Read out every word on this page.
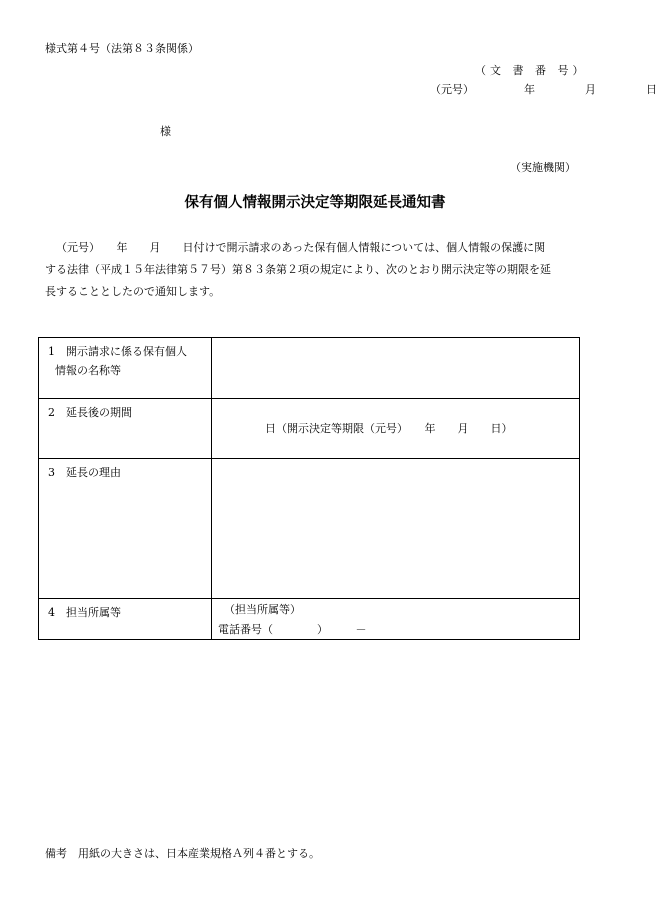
様式第４号（法第８３条関係）
（文 書 番 号）
（元号） 　 年 　 月 　 日
様
（実施機関）
保有個人情報開示決定等期限延長通知書
（元号）　　年　　月　　日付けで開示請求のあった保有個人情報については、個人情報の保護に関
する法律（平成１５年法律第５７号）第８３条第２項の規定により、次のとおり開示決定等の期限を延
長することとしたので通知します。
1　開示請求に係る保有個人
情報の名称等	

2　延長後の期間	日（開示決定等期限（元号）　　年　　月　　日）

3　延長の理由	
4　担当所属等	（担当所属等）
電話番号（　　　　）　　　－
備考　用紙の大きさは、日本産業規格Ａ列４番とする。
